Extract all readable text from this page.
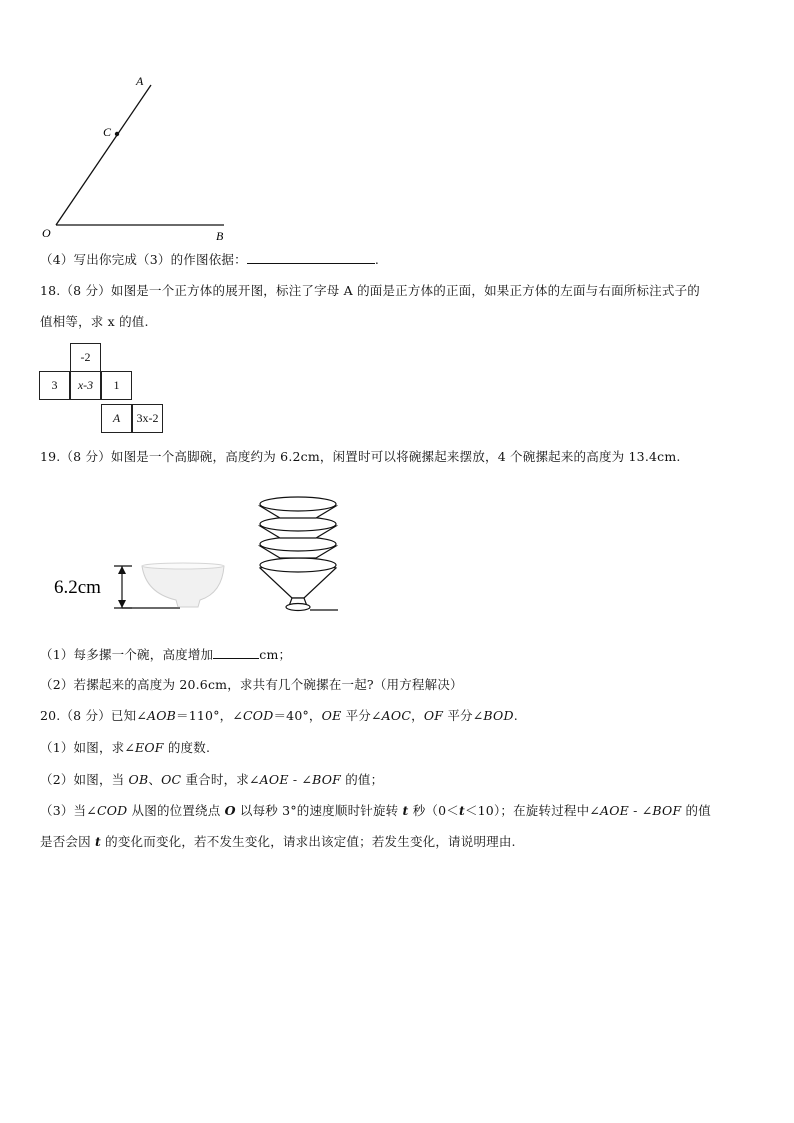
A
C
O	B
（4）写出你完成（3）的作图依据：	.
18.（8 分）如图是一个正方体的展开图，标注了字母 A 的面是正方体的正面，如果正方体的左面与右面所标注式子的
值相等，求 x 的值.
-2
3	x-3	1
A	3x-2
19.（8 分）如图是一个高脚碗，高度约为 6.2cm，闲置时可以将碗摞起来摆放，4 个碗摞起来的高度为 13.4cm.
6.2cm
（1）每多摞一个碗，高度增加	cm；
（2）若摞起来的高度为 20.6cm，求共有几个碗摞在一起?（用方程解决）
20.（8 分）已知∠AOB＝110°，∠COD＝40°，OE 平分∠AOC，OF 平分∠BOD.
（1）如图，求∠EOF 的度数.
（2）如图，当 OB、OC 重合时，求∠AOE - ∠BOF 的值；
（3）当∠COD 从图的位置绕点 O 以每秒 3°的速度顺时针旋转 t 秒（0＜t＜10）；在旋转过程中∠AOE - ∠BOF 的值
是否会因 t 的变化而变化，若不发生变化，请求出该定值；若发生变化，请说明理由.
